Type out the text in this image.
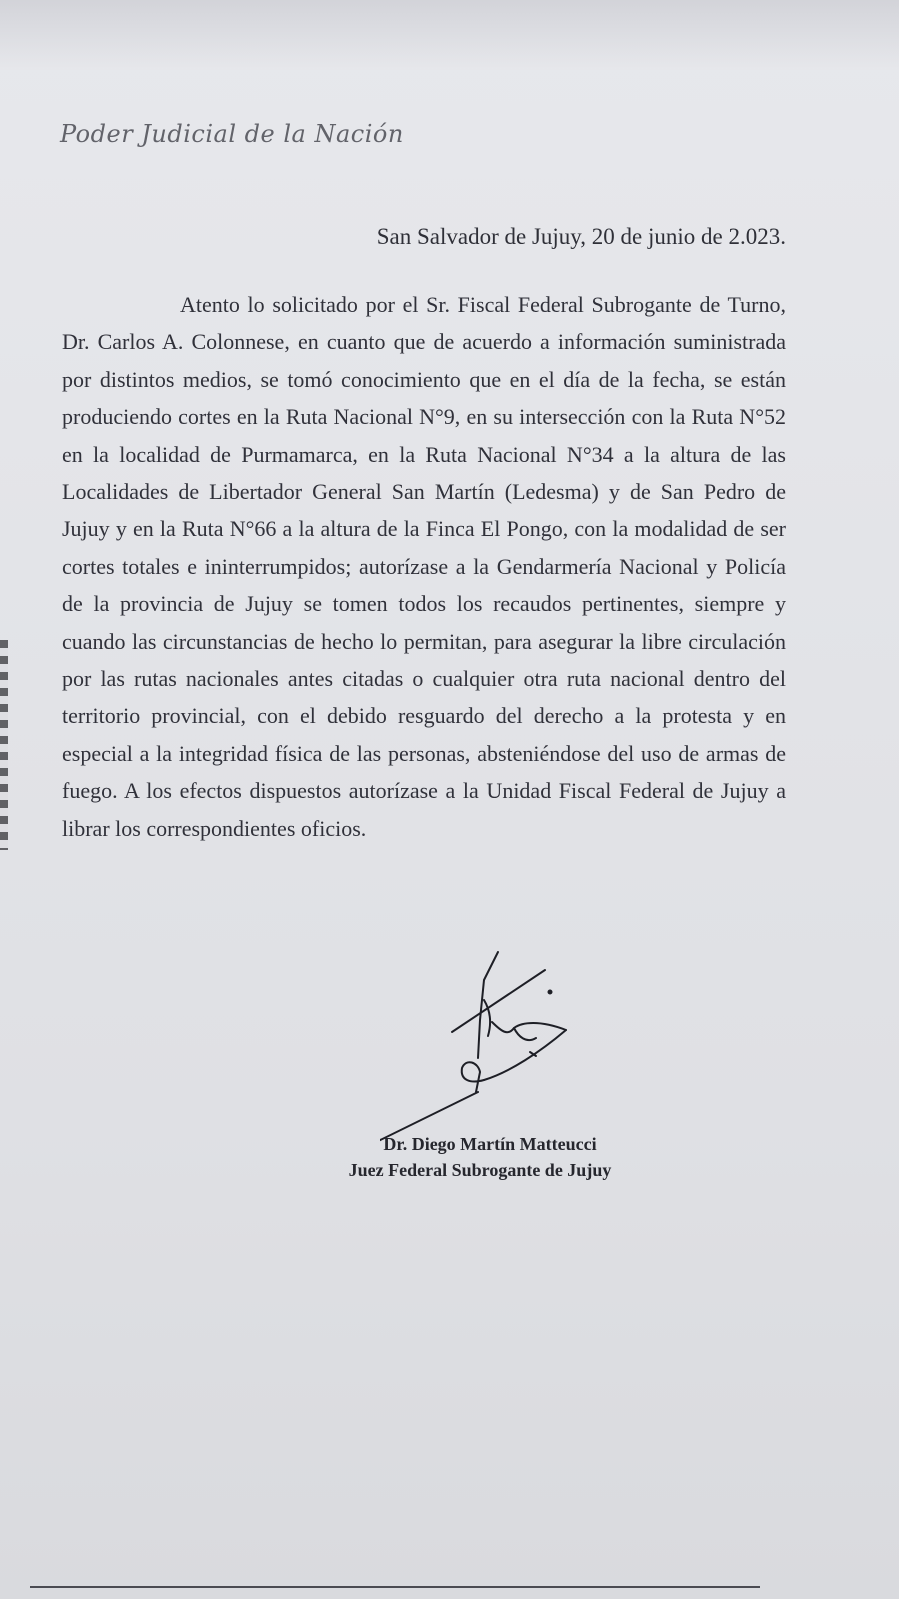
Poder Judicial de la Nación
San Salvador de Jujuy, 20 de junio de 2.023.

Atento lo solicitado por el Sr. Fiscal Federal Subrogante de Turno, Dr. Carlos A. Colonnese, en cuanto que de acuerdo a información suministrada por distintos medios, se tomó conocimiento que en el día de la fecha, se están produciendo cortes en la Ruta Nacional N°9, en su intersección con la Ruta N°52 en la localidad de Purmamarca, en la Ruta Nacional N°34 a la altura de las Localidades de Libertador General San Martín (Ledesma) y de San Pedro de Jujuy y en la Ruta N°66 a la altura de la Finca El Pongo, con la modalidad de ser cortes totales e ininterrumpidos; autorízase a la Gendarmería Nacional y Policía de la provincia de Jujuy se tomen todos los recaudos pertinentes, siempre y cuando las circunstancias de hecho lo permitan, para asegurar la libre circulación por las rutas nacionales antes citadas o cualquier otra ruta nacional dentro del territorio provincial, con el debido resguardo del derecho a la protesta y en especial a la integridad física de las personas, absteniéndose del uso de armas de fuego. A los efectos dispuestos autorízase a la Unidad Fiscal Federal de Jujuy a librar los correspondientes oficios.

Dr. Diego Martín Matteucci
Juez Federal Subrogante de Jujuy
